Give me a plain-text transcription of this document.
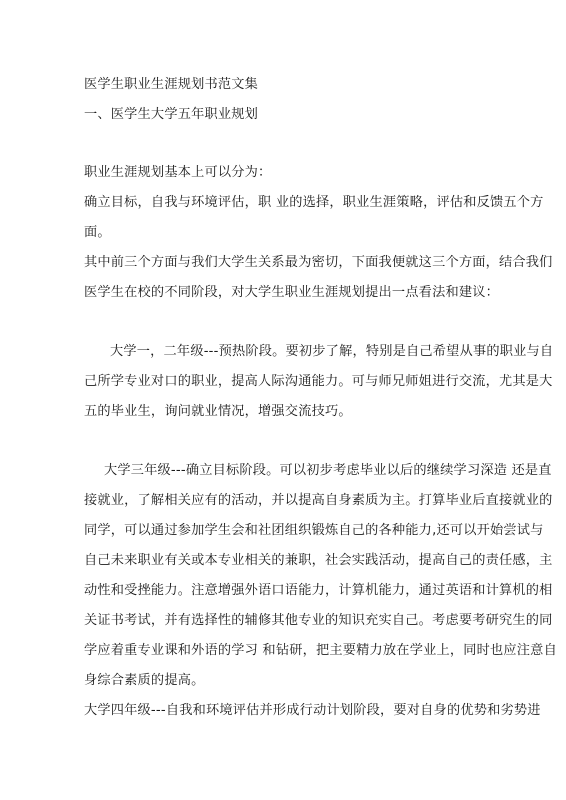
医学生职业生涯规划书范文集
一、医学生大学五年职业规划
职业生涯规划基本上可以分为：
确立目标，自我与环境评估，职 业的选择，职业生涯策略，评估和反馈五个方
面。
其中前三个方面与我们大学生关系最为密切，下面我便就这三个方面，结合我们
医学生在校的不同阶段，对大学生职业生涯规划提出一点看法和建议：
大学一，二年级---预热阶段。要初步了解，特别是自己希望从事的职业与自
己所学专业对口的职业，提高人际沟通能力。可与师兄师姐进行交流，尤其是大
五的毕业生，询问就业情况，增强交流技巧。
大学三年级---确立目标阶段。可以初步考虑毕业以后的继续学习深造 还是直
接就业，了解相关应有的活动，并以提高自身素质为主。打算毕业后直接就业的
同学，可以通过参加学生会和社团组织锻炼自己的各种能力,还可以开始尝试与
自己未来职业有关或本专业相关的兼职，社会实践活动，提高自己的责任感，主
动性和受挫能力。注意增强外语口语能力，计算机能力，通过英语和计算机的相
关证书考试，并有选择性的辅修其他专业的知识充实自己。考虑要考研究生的同
学应着重专业课和外语的学习 和钻研，把主要精力放在学业上，同时也应注意自
身综合素质的提高。
大学四年级---自我和环境评估并形成行动计划阶段，要对自身的优势和劣势进
